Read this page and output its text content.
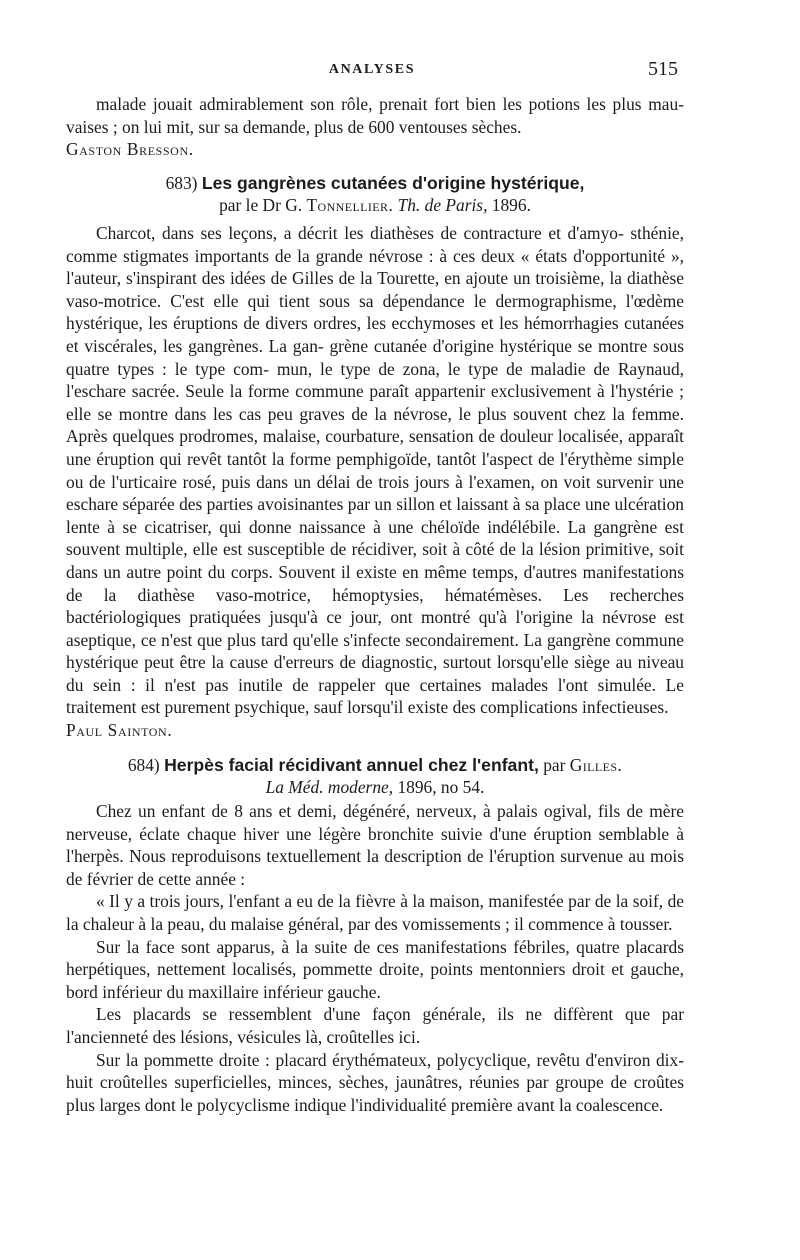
ANALYSES	515

malade jouait admirablement son rôle, prenait fort bien les potions les plus mau- vaises ; on lui mit, sur sa demande, plus de 600 ventouses sèches.

Gaston Bresson.

683) Les gangrènes cutanées d'origine hystérique,
par le Dr G. Tonnellier. Th. de Paris, 1896.

Charcot, dans ses leçons, a décrit les diathèses de contracture et d'amyo- sthénie, comme stigmates importants de la grande névrose : à ces deux « états d'opportunité », l'auteur, s'inspirant des idées de Gilles de la Tourette, en ajoute un troisième, la diathèse vaso-motrice. C'est elle qui tient sous sa dépendance le dermographisme, l'œdème hystérique, les éruptions de divers ordres, les ecchymoses et les hémorrhagies cutanées et viscérales, les gangrènes. La gan- grène cutanée d'origine hystérique se montre sous quatre types : le type com- mun, le type de zona, le type de maladie de Raynaud, l'eschare sacrée. Seule la forme commune paraît appartenir exclusivement à l'hystérie ; elle se montre dans les cas peu graves de la névrose, le plus souvent chez la femme. Après quelques prodromes, malaise, courbature, sensation de douleur localisée, apparaît une éruption qui revêt tantôt la forme pemphigoïde, tantôt l'aspect de l'érythème simple ou de l'urticaire rosé, puis dans un délai de trois jours à l'examen, on voit survenir une eschare séparée des parties avoisinantes par un sillon et laissant à sa place une ulcération lente à se cicatriser, qui donne naissance à une chéloïde indélébile. La gangrène est souvent multiple, elle est susceptible de récidiver, soit à côté de la lésion primitive, soit dans un autre point du corps. Souvent il existe en même temps, d'autres manifestations de la diathèse vaso-motrice, hémoptysies, hématémèses. Les recherches bactériologiques pratiquées jusqu'à ce jour, ont montré qu'à l'origine la névrose est aseptique, ce n'est que plus tard qu'elle s'infecte secondairement. La gangrène commune hystérique peut être la cause d'erreurs de diagnostic, surtout lorsqu'elle siège au niveau du sein : il n'est pas inutile de rappeler que certaines malades l'ont simulée. Le traitement est purement psychique, sauf lorsqu'il existe des complications infectieuses.

Paul Sainton.

684) Herpès facial récidivant annuel chez l'enfant, par Gilles.
La Méd. moderne, 1896, no 54.

Chez un enfant de 8 ans et demi, dégénéré, nerveux, à palais ogival, fils de mère nerveuse, éclate chaque hiver une légère bronchite suivie d'une éruption semblable à l'herpès. Nous reproduisons textuellement la description de l'éruption survenue au mois de février de cette année :

« Il y a trois jours, l'enfant a eu de la fièvre à la maison, manifestée par de la soif, de la chaleur à la peau, du malaise général, par des vomissements ; il commence à tousser.

Sur la face sont apparus, à la suite de ces manifestations fébriles, quatre placards herpétiques, nettement localisés, pommette droite, points mentonniers droit et gauche, bord inférieur du maxillaire inférieur gauche.

Les placards se ressemblent d'une façon générale, ils ne diffèrent que par l'ancienneté des lésions, vésicules là, croûtelles ici.

Sur la pommette droite : placard érythémateux, polycyclique, revêtu d'environ dix-huit croûtelles superficielles, minces, sèches, jaunâtres, réunies par groupe de croûtes plus larges dont le polycyclisme indique l'individualité première avant la coalescence.
